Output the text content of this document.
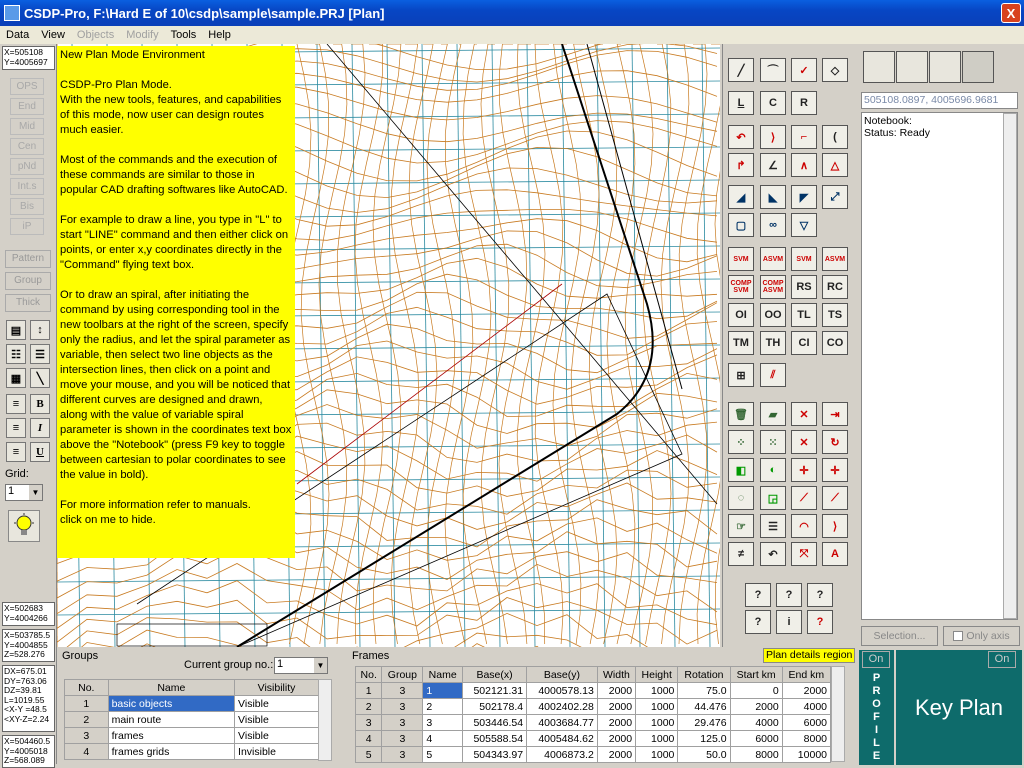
CSDP-Pro, F:\Hard E of 10\csdp\sample\sample.PRJ [Plan]	X
Data	View	Objects	Modify	Tools	Help
X=505108
Y=4005697
OPS
End
Mid
Cen
pNd
Int.s
Bis
iP
Pattern
Group
Thick
▤	↕
☷	☰
▦	╲
≡	B
≡	I
≡	U
Grid:
1	▼
X=502683
Y=4004266
X=503785.5
Y=4004855
Z=528.276
DX=675.01
DY=763.06
DZ=39.81
L=1019.55
<X-Y =48.5
<XY-Z=2.24
X=504460.5
Y=4005018
Z=568.089
New Plan Mode Environment

CSDP-Pro Plan Mode.
With the new tools, features, and capabilities of this mode, now user can design routes much easier.

Most of the commands and the execution of these commands are similar to those in popular CAD drafting softwares like AutoCAD.

For example to draw a line, you type in "L" to start "LINE" command and then either click on points, or enter x,y coordinates directly in the "Command" flying text box.

Or to draw an spiral, after initiating the command by using corresponding tool in the new toolbars at the right of the screen, specify only the radius, and let the spiral parameter as variable, then select two line objects as the intersection lines, then click on a point and move your mouse, and you will be noticed that different curves are designed and drawn, along with the value of variable spiral parameter is shown in the coordinates text box above the "Notebook" (press F9 key to toggle between cartesian to polar coordinates to see the value in bold).

For more information refer to manuals.
click on me to hide.
╱	⌒	✓	◇
L	C	R
↶	⟩	⌐	(
↱	∠	∧	△
◢	◣	◤	⤢
▢	∞	▽
SVM	ASVM	SVM	ASVM
COMP SVM
COMP ASVM	RS	RC
OI	OO	TL	TS
TM	TH	CI	CO
⊞	⫽
🗑	▰	✕	⇥
⁘	⁙	✕	↻
◧	◐	✛	✛
◌	◲	⟋	⟋
☞	☰	◠	⟩
≠	↶	⤧	A
? ? ?
?	i	?
505108.0897, 4005696.9681
Notebook:
Status: Ready
Selection...	Only axis
Groups
Current group no.: 1	▼
No.	Name	Visibility
1	basic objects	Visible
2	main route	Visible
3	frames	Visible
4	frames grids	Invisible
Frames	Plan details region
No.	Group	Name	Base(x)	Base(y)	Width	Height	Rotation	Start km	End km
1	3	1	502121.31	4000578.13	2000	1000	75.0	0	2000
2	3	2	502178.4	4002402.28	2000	1000	44.476	2000	4000
3	3	3	503446.54	4003684.77	2000	1000	29.476	4000	6000
4	3	4	505588.54	4005484.62	2000	1000	125.0	6000	8000
5	3	5	504343.97	4006873.2	2000	1000	50.0	8000	10000
P
R
O
F
I
L
E
Key Plan
On	On
